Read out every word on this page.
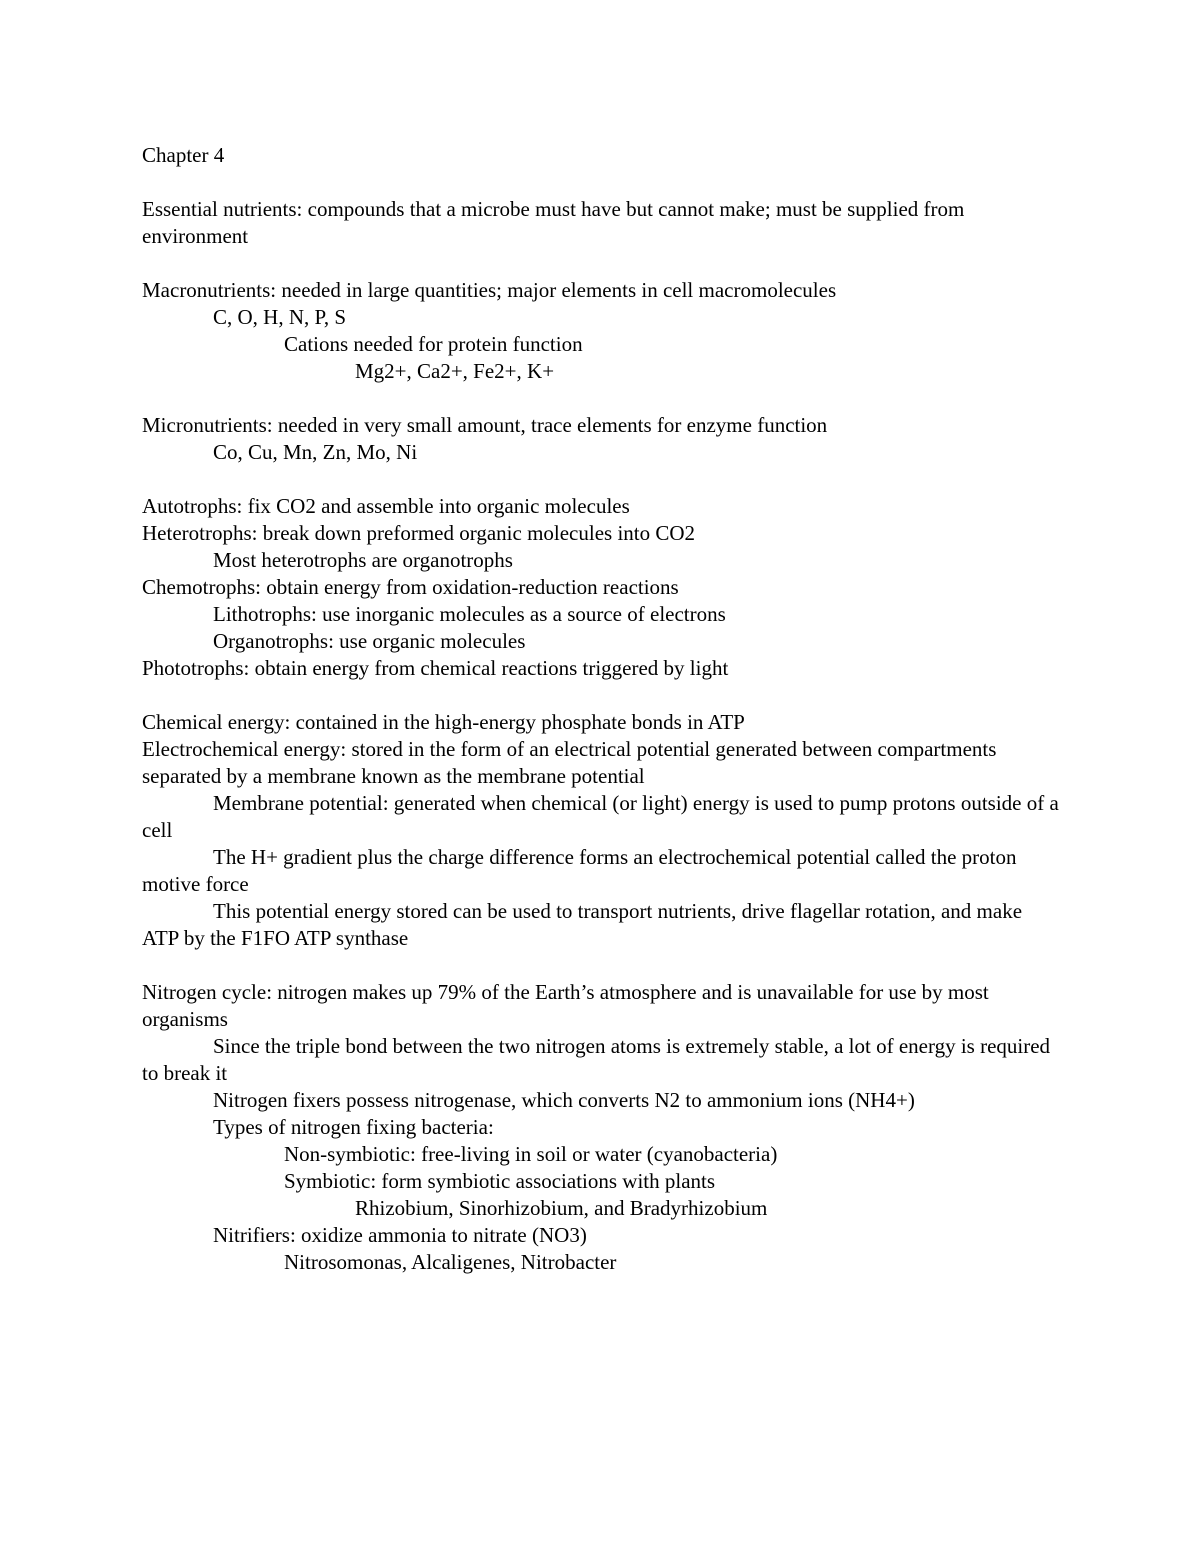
Chapter 4
Essential nutrients: compounds that a microbe must have but cannot make; must be supplied from environment
Macronutrients: needed in large quantities; major elements in cell macromolecules
C, O, H, N, P, S
Cations needed for protein function
Mg2+, Ca2+, Fe2+, K+
Micronutrients: needed in very small amount, trace elements for enzyme function
Co, Cu, Mn, Zn, Mo, Ni
Autotrophs: fix CO2 and assemble into organic molecules
Heterotrophs: break down preformed organic molecules into CO2
Most heterotrophs are organotrophs
Chemotrophs: obtain energy from oxidation-reduction reactions
Lithotrophs: use inorganic molecules as a source of electrons
Organotrophs: use organic molecules
Phototrophs: obtain energy from chemical reactions triggered by light
Chemical energy: contained in the high-energy phosphate bonds in ATP
Electrochemical energy: stored in the form of an electrical potential generated between compartments separated by a membrane known as the membrane potential
Membrane potential: generated when chemical (or light) energy is used to pump protons outside of a cell
The H+ gradient plus the charge difference forms an electrochemical potential called the proton motive force
This potential energy stored can be used to transport nutrients, drive flagellar rotation, and make ATP by the F1FO ATP synthase
Nitrogen cycle: nitrogen makes up 79% of the Earth’s atmosphere and is unavailable for use by most organisms
Since the triple bond between the two nitrogen atoms is extremely stable, a lot of energy is required to break it
Nitrogen fixers possess nitrogenase, which converts N2 to ammonium ions (NH4+)
Types of nitrogen fixing bacteria:
Non-symbiotic: free-living in soil or water (cyanobacteria)
Symbiotic: form symbiotic associations with plants
Rhizobium, Sinorhizobium, and Bradyrhizobium
Nitrifiers: oxidize ammonia to nitrate (NO3)
Nitrosomonas, Alcaligenes, Nitrobacter
